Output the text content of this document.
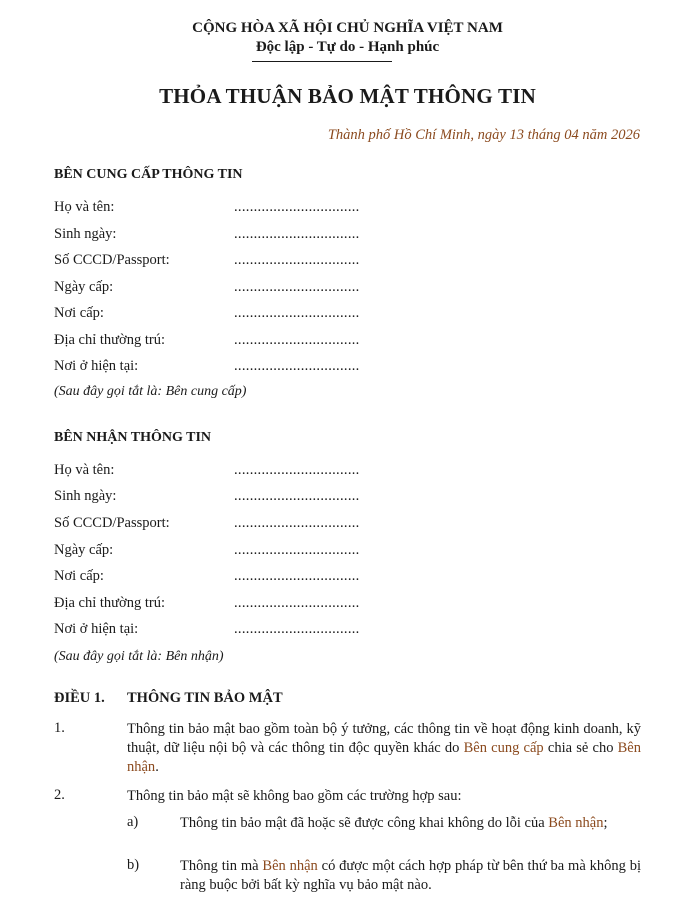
CỘNG HÒA XÃ HỘI CHỦ NGHĨA VIỆT NAM
Độc lập - Tự do - Hạnh phúc
THỎA THUẬN BẢO MẬT THÔNG TIN
Thành phố Hồ Chí Minh, ngày 13 tháng 04 năm 2026
BÊN CUNG CẤP THÔNG TIN
Họ và tên:	................................
Sinh ngày:	................................
Số CCCD/Passport:	................................
Ngày cấp:	................................
Nơi cấp:	................................
Địa chỉ thường trú:	................................
Nơi ở hiện tại:	................................
(Sau đây gọi tắt là: Bên cung cấp)
BÊN NHẬN THÔNG TIN
Họ và tên:	................................
Sinh ngày:	................................
Số CCCD/Passport:	................................
Ngày cấp:	................................
Nơi cấp:	................................
Địa chỉ thường trú:	................................
Nơi ở hiện tại:	................................
(Sau đây gọi tắt là: Bên nhận)
ĐIỀU 1. THÔNG TIN BẢO MẬT
1.	Thông tin bảo mật bao gồm toàn bộ ý tưởng, các thông tin về hoạt động kinh doanh, kỹ thuật, dữ liệu nội bộ và các thông tin độc quyền khác do Bên cung cấp chia sẻ cho Bên nhận.
2.	Thông tin bảo mật sẽ không bao gồm các trường hợp sau:
a)	Thông tin bảo mật đã hoặc sẽ được công khai không do lỗi của Bên nhận;
b)	Thông tin mà Bên nhận có được một cách hợp pháp từ bên thứ ba mà không bị ràng buộc bởi bất kỳ nghĩa vụ bảo mật nào.
